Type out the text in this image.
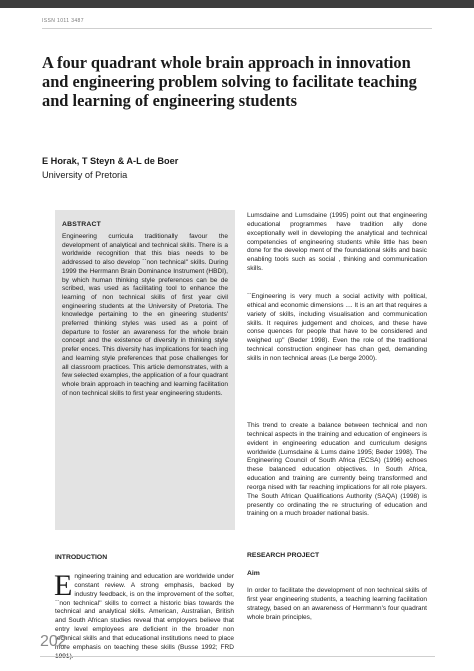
ISSN 1011 3487
A four quadrant whole brain approach in innovation and engineering problem solving to facilitate teaching and learning of engineering students
E Horak, T Steyn & A-L de Boer
University of Pretoria
ABSTRACT

Engineering curricula traditionally favour the development of analytical and technical skills. There is a worldwide recognition that this bias needs to be addressed to also develop ``non technical'' skills. During 1999 the Herrmann Brain Dominance Instrument (HBDI), by which human thinking style preferences can be de scribed, was used as facilitating tool to enhance the learning of non technical skills of first year civil engineering students at the University of Pretoria. The knowledge pertaining to the en gineering students' preferred thinking styles was used as a point of departure to foster an awareness for the whole brain concept and the existence of diversity in thinking style prefer ences. This diversity has implications for teach ing and learning style preferences that pose challenges for all classroom practices. This article demonstrates, with a few selected examples, the application of a four quadrant whole brain approach in teaching and learning facilitation of non technical skills to first year engineering students.

INTRODUCTION

Engineering training and education are worldwide under constant review. A strong emphasis, backed by industry feedback, is on the improvement of the softer, ``non technical'' skills to correct a historic bias towards the technical and analytical skills. American, Australian, British and South African studies reveal that employers believe that entry level employees are deficient in the broader non technical skills and that educational institutions need to place more emphasis on teaching these skills (Busse 1992; FRD

Lumsdaine and Lumsdaine (1995) point out that engineering educational programmes have tradition ally done exceptionally well in developing the analytical and technical competencies of engineering students while little has been done for the develop ment of the foundational skills and basic enabling tools such as social , thinking and communication skills.

``Engineering is very much a social activity with political, ethical and economic dimensions .... It is an art that requires a variety of skills, including visualisation and communication skills. It requires judgement and choices, and these have conse quences for people that have to be considered and weighed up'' (Beder 1998). Even the role of the traditional technical construction engineer has chan ged, demanding skills in non technical areas (Le berge 2000).

This trend to create a balance between technical and non technical aspects in the training and education of engineers is evident in engineering education and curriculum designs worldwide (Lumsdaine & Lums daine 1995; Beder 1998). The Engineering Council of South Africa (ECSA) (1996) echoes these balanced education objectives. In South Africa, education and training are currently being transformed and reorga nised with far reaching implications for all role players. The South African Qualifications Authority (SAQA) (1998) is presently co ordinating the re structuring of education and training on a much broader national basis.

RESEARCH PROJECT
Aim

In order to facilitate the development of non technical skills of first year engineering students, a teaching learning facilitation strategy, based on an awareness of Herrmann's four quadrant whole brain principles,

202
